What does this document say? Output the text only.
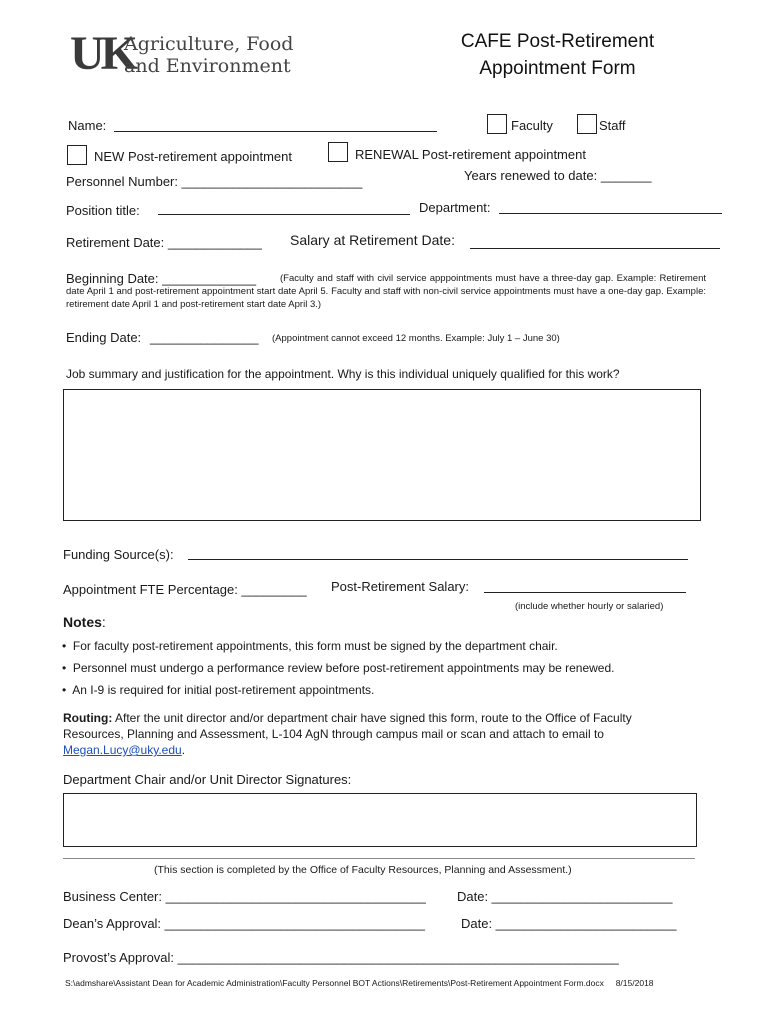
UK
Agriculture, Food
and Environment
CAFE Post-Retirement
Appointment Form
Name:	Faculty	Staff
NEW Post-retirement appointment	RENEWAL Post-retirement appointment
Years renewed to date: _______
Personnel Number: _________________________
Position title:	Department:
Retirement Date: _____________ Salary at Retirement Date:
Beginning Date: _____________	(Faculty and staff with civil service apppointments must have a three-day gap. Example: Retirement date April 1 and post-retirement appointment start date April 5. Faculty and staff with non-civil service appointments must have a one-day gap. Example: retirement date April 1 and post-retirement start date April 3.)
Ending Date: _______________ (Appointment cannot exceed 12 months. Example: July 1 – June 30)
Job summary and justification for the appointment. Why is this individual uniquely qualified for this work?
Funding Source(s):
Appointment FTE Percentage: _________ Post-Retirement Salary:
(include whether hourly or salaried)
Notes:
• For faculty post-retirement appointments, this form must be signed by the department chair.
• Personnel must undergo a performance review before post-retirement appointments may be renewed.
• An I-9 is required for initial post-retirement appointments.
Routing: After the unit director and/or department chair have signed this form, route to the Office of Faculty
Resources, Planning and Assessment, L-104 AgN through campus mail or scan and attach to email to
Megan.Lucy@uky.edu.
Department Chair and/or Unit Director Signatures:
(This section is completed by the Office of Faculty Resources, Planning and Assessment.)
Business Center: ____________________________________ Date: _________________________
Dean’s Approval: ____________________________________	Date: _________________________
Provost’s Approval: _____________________________________________________________
S:\admshare\Assistant Dean for Academic Administration\Faculty Personnel BOT Actions\Retirements\Post-Retirement Appointment Form.docx 8/15/2018
